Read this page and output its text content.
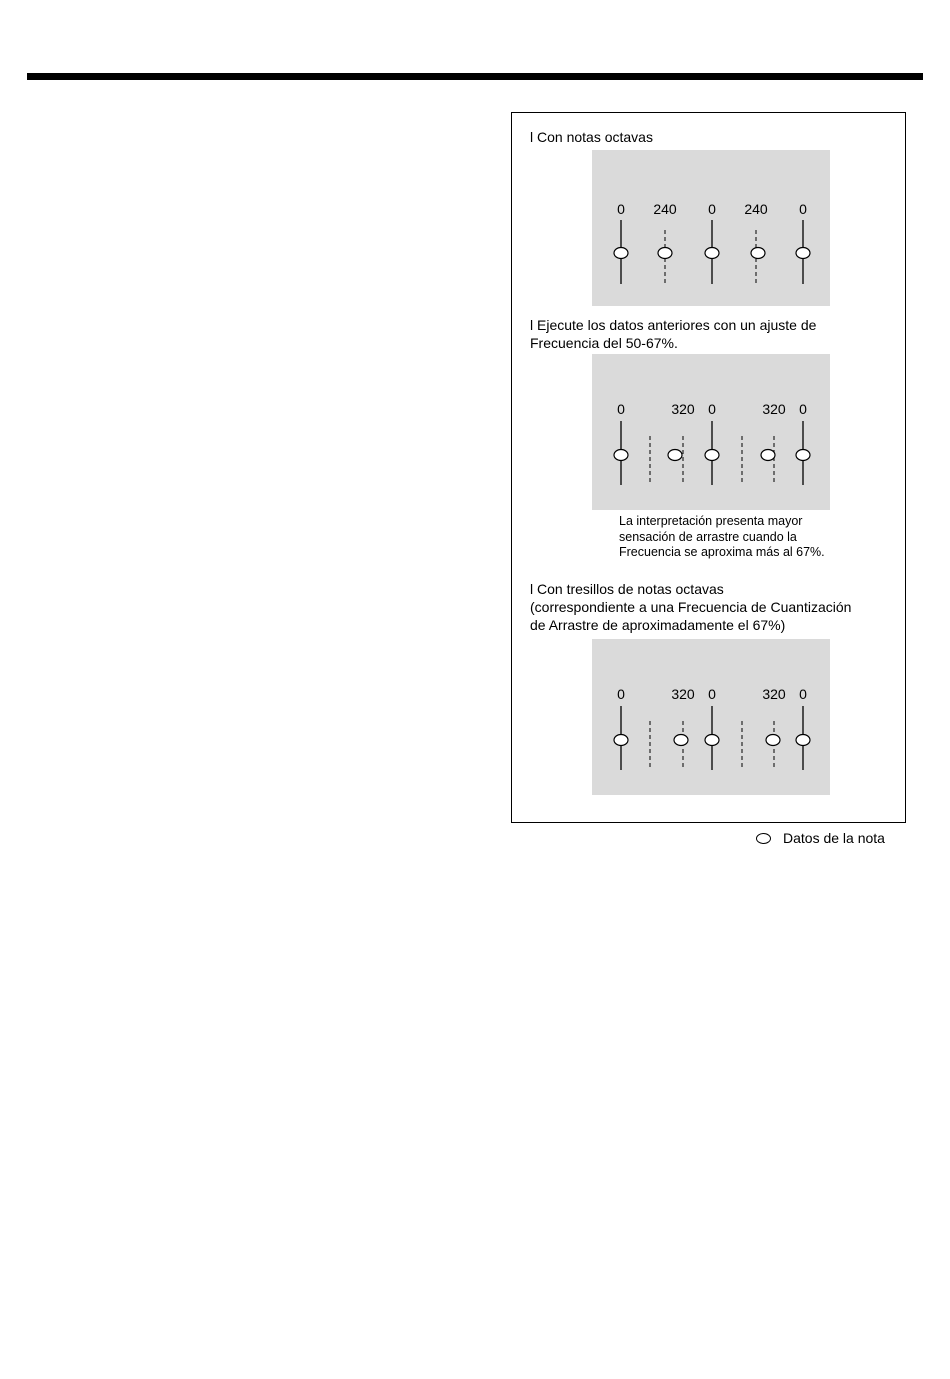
l Con notas octavas
0 240 0 240 0
l Ejecute los datos anteriores con un ajuste de
Frecuencia del 50-67%.
0	320 0	320 0
La interpretación presenta mayor
sensación de arrastre cuando la
Frecuencia se aproxima más al 67%.
l Con tresillos de notas octavas
(correspondiente a una Frecuencia de Cuantización
de Arrastre de aproximadamente el 67%)
0	320 0	320 0
Datos de la nota
